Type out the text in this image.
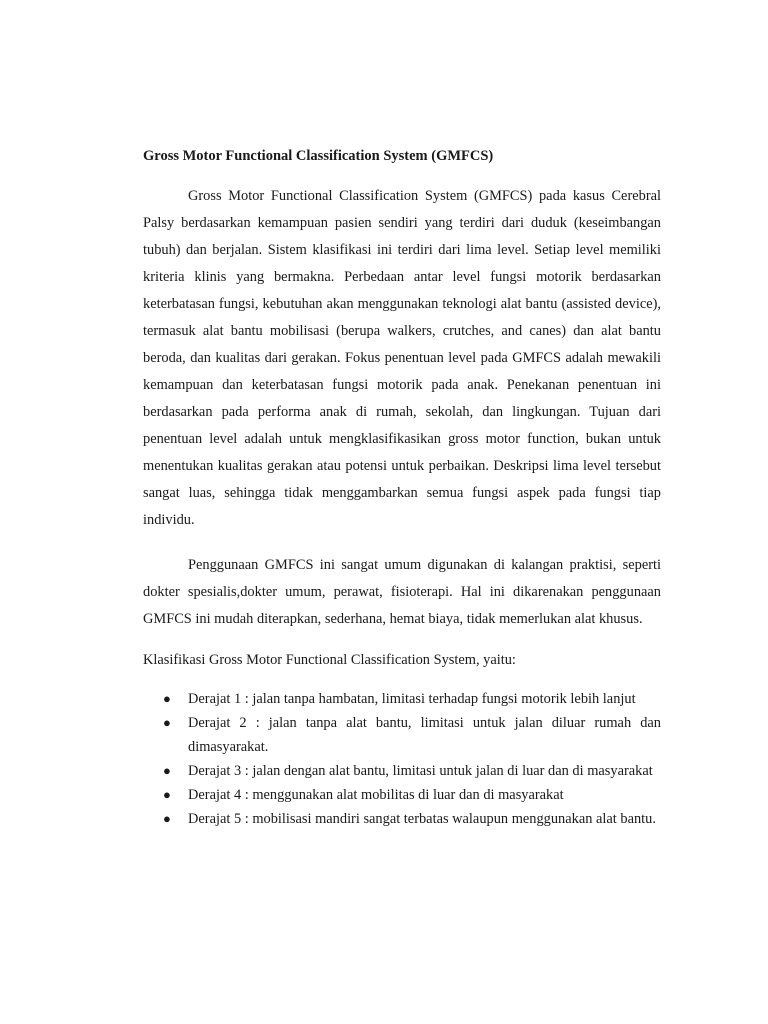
Gross Motor Functional Classification System (GMFCS)

Gross Motor Functional Classification System (GMFCS) pada kasus Cerebral Palsy berdasarkan kemampuan pasien sendiri yang terdiri dari duduk (keseimbangan tubuh) dan berjalan. Sistem klasifikasi ini terdiri dari lima level. Setiap level memiliki kriteria klinis yang bermakna. Perbedaan antar level fungsi motorik berdasarkan keterbatasan fungsi, kebutuhan akan menggunakan teknologi alat bantu (assisted device), termasuk alat bantu mobilisasi (berupa walkers, crutches, and canes) dan alat bantu beroda, dan kualitas dari gerakan. Fokus penentuan level pada GMFCS adalah mewakili kemampuan dan keterbatasan fungsi motorik pada anak. Penekanan penentuan ini berdasarkan pada performa anak di rumah, sekolah, dan lingkungan. Tujuan dari penentuan level adalah untuk mengklasifikasikan gross motor function, bukan untuk menentukan kualitas gerakan atau potensi untuk perbaikan. Deskripsi lima level tersebut sangat luas, sehingga tidak menggambarkan semua fungsi aspek pada fungsi tiap individu.

Penggunaan GMFCS ini sangat umum digunakan di kalangan praktisi, seperti dokter spesialis,dokter umum, perawat, fisioterapi. Hal ini dikarenakan penggunaan GMFCS ini mudah diterapkan, sederhana, hemat biaya, tidak memerlukan alat khusus.

Klasifikasi Gross Motor Functional Classification System, yaitu:

● Derajat 1 : jalan tanpa hambatan, limitasi terhadap fungsi motorik lebih lanjut
● Derajat 2 : jalan tanpa alat bantu, limitasi untuk jalan diluar rumah dan dimasyarakat.
● Derajat 3 : jalan dengan alat bantu, limitasi untuk jalan di luar dan di masyarakat
● Derajat 4 : menggunakan alat mobilitas di luar dan di masyarakat
● Derajat 5 : mobilisasi mandiri sangat terbatas walaupun menggunakan alat bantu.
